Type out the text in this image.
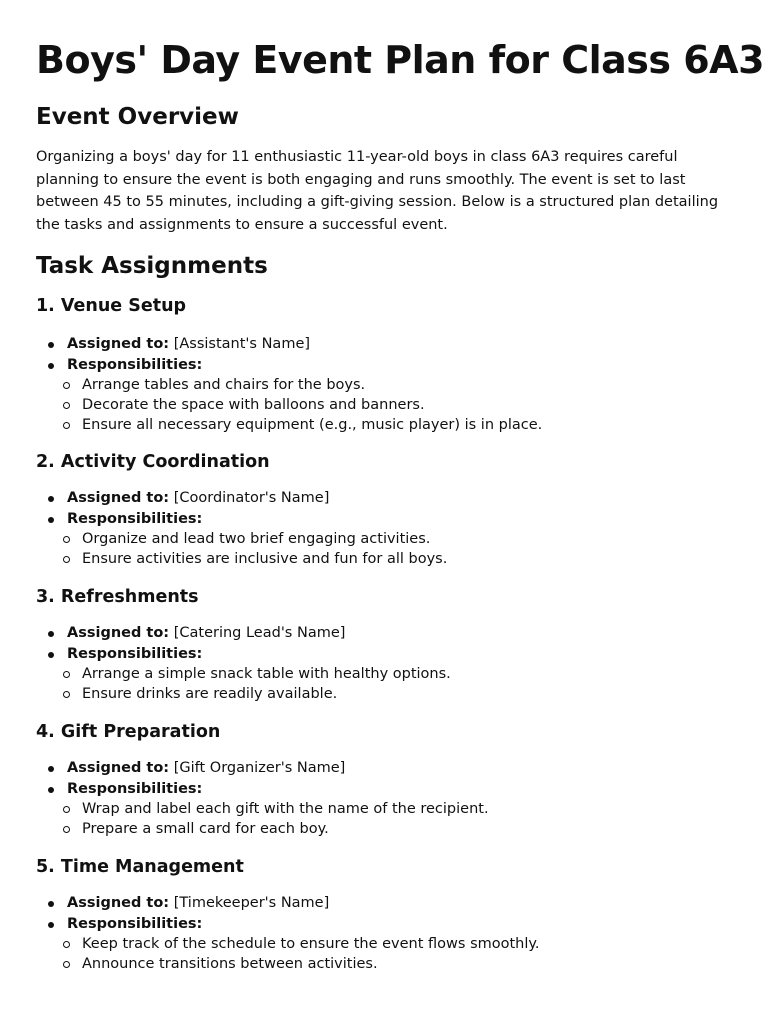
Boys' Day Event Plan for Class 6A3
Event Overview

Organizing a boys' day for 11 enthusiastic 11-year-old boys in class 6A3 requires careful planning to ensure the event is both engaging and runs smoothly. The event is set to last between 45 to 55 minutes, including a gift-giving session. Below is a structured plan detailing the tasks and assignments to ensure a successful event.

Task Assignments
1. Venue Setup
Assigned to: [Assistant's Name]
Responsibilities:
Arrange tables and chairs for the boys.
Decorate the space with balloons and banners.
Ensure all necessary equipment (e.g., music player) is in place.
2. Activity Coordination
Assigned to: [Coordinator's Name]
Responsibilities:
Organize and lead two brief engaging activities.
Ensure activities are inclusive and fun for all boys.
3. Refreshments
Assigned to: [Catering Lead's Name]
Responsibilities:
Arrange a simple snack table with healthy options.
Ensure drinks are readily available.
4. Gift Preparation
Assigned to: [Gift Organizer's Name]
Responsibilities:
Wrap and label each gift with the name of the recipient.
Prepare a small card for each boy.
5. Time Management
Assigned to: [Timekeeper's Name]
Responsibilities:
Keep track of the schedule to ensure the event flows smoothly.
Announce transitions between activities.
